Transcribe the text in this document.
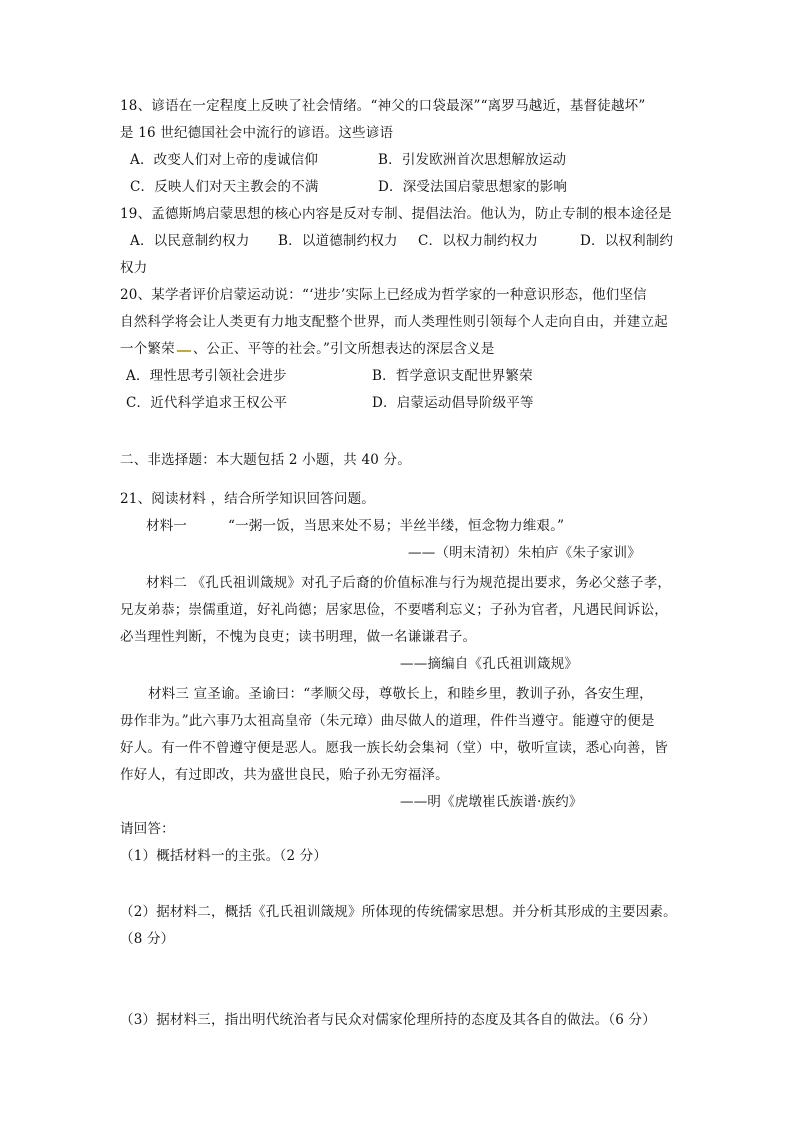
18、谚语在一定程度上反映了社会情绪。“神父的口袋最深”“离罗马越近，基督徒越坏”
是 16 世纪德国社会中流行的谚语。这些谚语
A．改变人们对上帝的虔诚信仰	B．引发欧洲首次思想解放运动
C．反映人们对天主教会的不满	D．深受法国启蒙思想家的影响
19、孟德斯鸠启蒙思想的核心内容是反对专制、提倡法治。他认为，防止专制的根本途径是
A．以民意制约权力 B．以道德制约权力 C．以权力制约权力	D．以权利制约
权力
20、某学者评价启蒙运动说：“‘进步’实际上已经成为哲学家的一种意识形态，他们坚信
自然科学将会让人类更有力地支配整个世界，而人类理性则引领每个人走向自由，并建立起
一个繁荣 、公正、平等的社会。”引文所想表达的深层含义是
A．理性思考引领社会进步	B．哲学意识支配世界繁荣
C．近代科学追求王权公平	D．启蒙运动倡导阶级平等
二、非选择题：本大题包括 2 小题，共 40 分。
21、阅读材料 ，结合所学知识回答问题。
材料一	“一粥一饭，当思来处不易；半丝半缕，恒念物力维艰。”
——（明末清初）朱柏庐《朱子家训》
材料二 《孔氏祖训箴规》对孔子后裔的价值标准与行为规范提出要求，务必父慈子孝，
兄友弟恭；崇儒重道，好礼尚德；居家思俭，不要嗜利忘义；子孙为官者，凡遇民间诉讼，
必当理性判断，不愧为良吏；读书明理，做一名谦谦君子。
——摘编自《孔氏祖训箴规》
材料三 宣圣谕。圣谕曰：“孝顺父母，尊敬长上，和睦乡里，教训子孙，各安生理，
毋作非为。”此六事乃太祖高皇帝（朱元璋）曲尽做人的道理，件件当遵守。能遵守的便是
好人。有一件不曾遵守便是恶人。愿我一族长幼会集祠（堂）中，敬听宣读，悉心向善，皆
作好人，有过即改，共为盛世良民，贻子孙无穷福泽。
——明《虎墩崔氏族谱·族约》
请回答：
（1）概括材料一的主张。（2 分）
（2）据材料二，概括《孔氏祖训箴规》所体现的传统儒家思想。并分析其形成的主要因素。
（8 分）
（3）据材料三，指出明代统治者与民众对儒家伦理所持的态度及其各自的做法。（6 分）
